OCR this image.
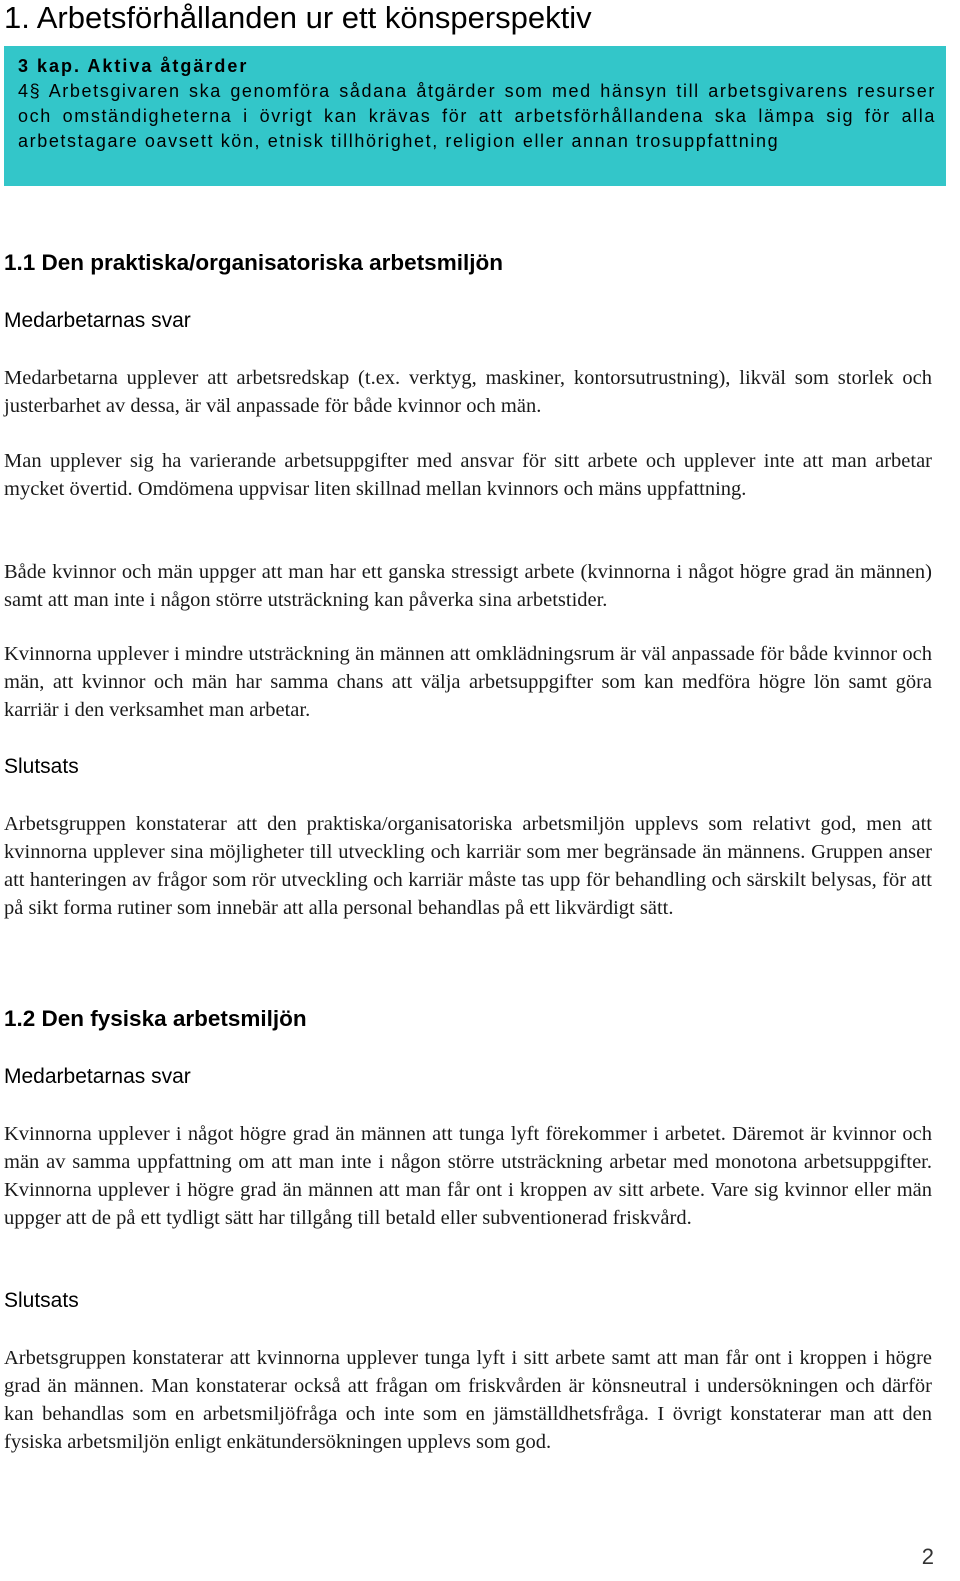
1. Arbetsförhållanden ur ett könsperspektiv

3 kap. Aktiva åtgärder

4§ Arbetsgivaren ska genomföra sådana åtgärder som med hänsyn till arbetsgivarens resurser och omständigheterna i övrigt kan krävas för att arbetsförhållandena ska lämpa sig för alla arbetstagare oavsett kön, etnisk tillhörighet, religion eller annan trosuppfattning

1.1 Den praktiska/organisatoriska arbetsmiljön
Medarbetarnas svar

Medarbetarna upplever att arbetsredskap (t.ex. verktyg, maskiner, kontorsutrustning), likväl som storlek och justerbarhet av dessa, är väl anpassade för både kvinnor och män.

Man upplever sig ha varierande arbetsuppgifter med ansvar för sitt arbete och upplever inte att man arbetar mycket övertid. Omdömena uppvisar liten skillnad mellan kvinnors och mäns uppfattning.

Både kvinnor och män uppger att man har ett ganska stressigt arbete (kvinnorna i något högre grad än männen) samt att man inte i någon större utsträckning kan påverka sina arbetstider.

Kvinnorna upplever i mindre utsträckning än männen att omklädningsrum är väl anpassade för både kvinnor och män, att kvinnor och män har samma chans att välja arbetsuppgifter som kan medföra högre lön samt göra karriär i den verksamhet man arbetar.

Slutsats

Arbetsgruppen konstaterar att den praktiska/organisatoriska arbetsmiljön upplevs som relativt god, men att kvinnorna upplever sina möjligheter till utveckling och karriär som mer begränsade än männens. Gruppen anser att hanteringen av frågor som rör utveckling och karriär måste tas upp för behandling och särskilt belysas, för att på sikt forma rutiner som innebär att alla personal behandlas på ett likvärdigt sätt.

1.2 Den fysiska arbetsmiljön
Medarbetarnas svar

Kvinnorna upplever i något högre grad än männen att tunga lyft förekommer i arbetet. Däremot är kvinnor och män av samma uppfattning om att man inte i någon större utsträckning arbetar med monotona arbetsuppgifter. Kvinnorna upplever i högre grad än männen att man får ont i kroppen av sitt arbete. Vare sig kvinnor eller män uppger att de på ett tydligt sätt har tillgång till betald eller subventionerad friskvård.

Slutsats

Arbetsgruppen konstaterar att kvinnorna upplever tunga lyft i sitt arbete samt att man får ont i kroppen i högre grad än männen. Man konstaterar också att frågan om friskvården är könsneutral i undersökningen och därför kan behandlas som en arbetsmiljöfråga och inte som en jämställdhetsfråga. I övrigt konstaterar man att den fysiska arbetsmiljön enligt enkätundersökningen upplevs som god.

2
